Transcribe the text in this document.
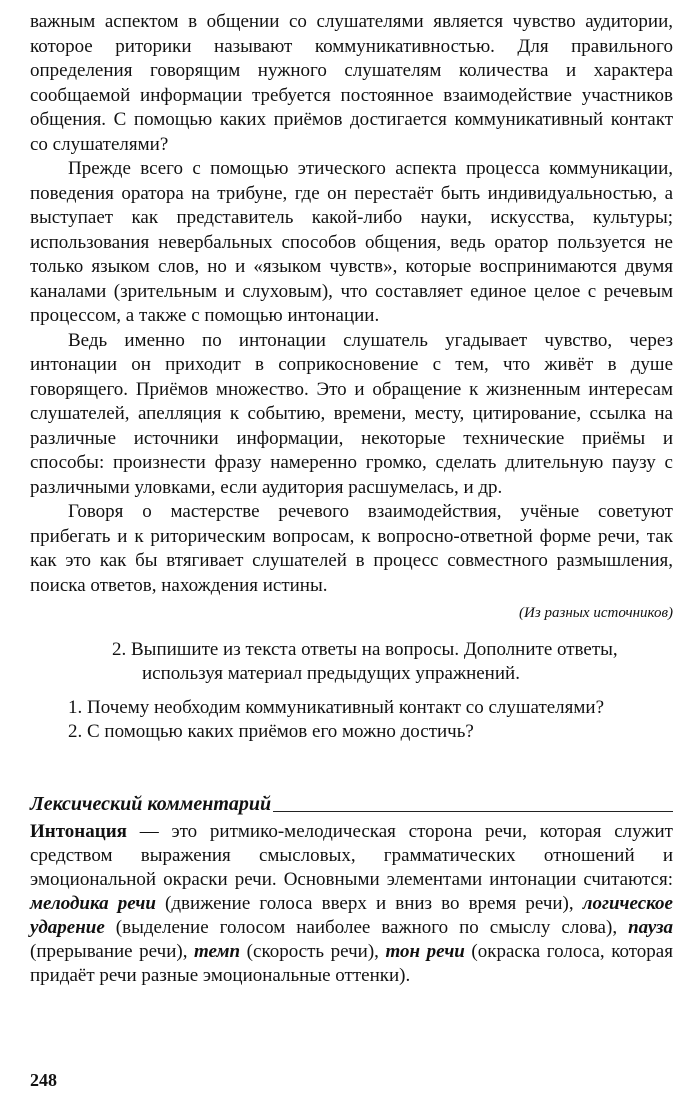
важным аспектом в общении со слушателями является чувство аудитории, которое риторики называют коммуникативностью. Для правильного определения говорящим нужного слушателям количества и характера сообщаемой информации требуется постоянное взаимодействие участников общения. С помощью каких приёмов достигается коммуникативный контакт со слушателями?

Прежде всего с помощью этического аспекта процесса коммуникации, поведения оратора на трибуне, где он перестаёт быть индивидуальностью, а выступает как представитель какой-либо науки, искусства, культуры; использования невербальных способов общения, ведь оратор пользуется не только языком слов, но и «языком чувств», которые воспринимаются двумя каналами (зрительным и слуховым), что составляет единое целое с речевым процессом, а также с помощью интонации.

Ведь именно по интонации слушатель угадывает чувство, через интонации он приходит в соприкосновение с тем, что живёт в душе говорящего. Приёмов множество. Это и обращение к жизненным интересам слушателей, апелляция к событию, времени, месту, цитирование, ссылка на различные источники информации, некоторые технические приёмы и способы: произнести фразу намеренно громко, сделать длительную паузу с различными уловками, если аудитория расшумелась, и др.

Говоря о мастерстве речевого взаимодействия, учёные советуют прибегать и к риторическим вопросам, к вопросно-ответной форме речи, так как это как бы втягивает слушателей в процесс совместного размышления, поиска ответов, нахождения истины.

(Из разных источников)

2. Выпишите из текста ответы на вопросы. Дополните ответы, используя материал предыдущих упражнений.

1. Почему необходим коммуникативный контакт со слушателями?
2. С помощью каких приёмов его можно достичь?
Лексический комментарий

Интонация — это ритмико-мелодическая сторона речи, которая служит средством выражения смысловых, грамматических отношений и эмоциональной окраски речи. Основными элементами интонации считаются: мелодика речи (движение голоса вверх и вниз во время речи), логическое ударение (выделение голосом наиболее важного по смыслу слова), пауза (прерывание речи), темп (скорость речи), тон речи (окраска голоса, которая придаёт речи разные эмоциональные оттенки).

248
